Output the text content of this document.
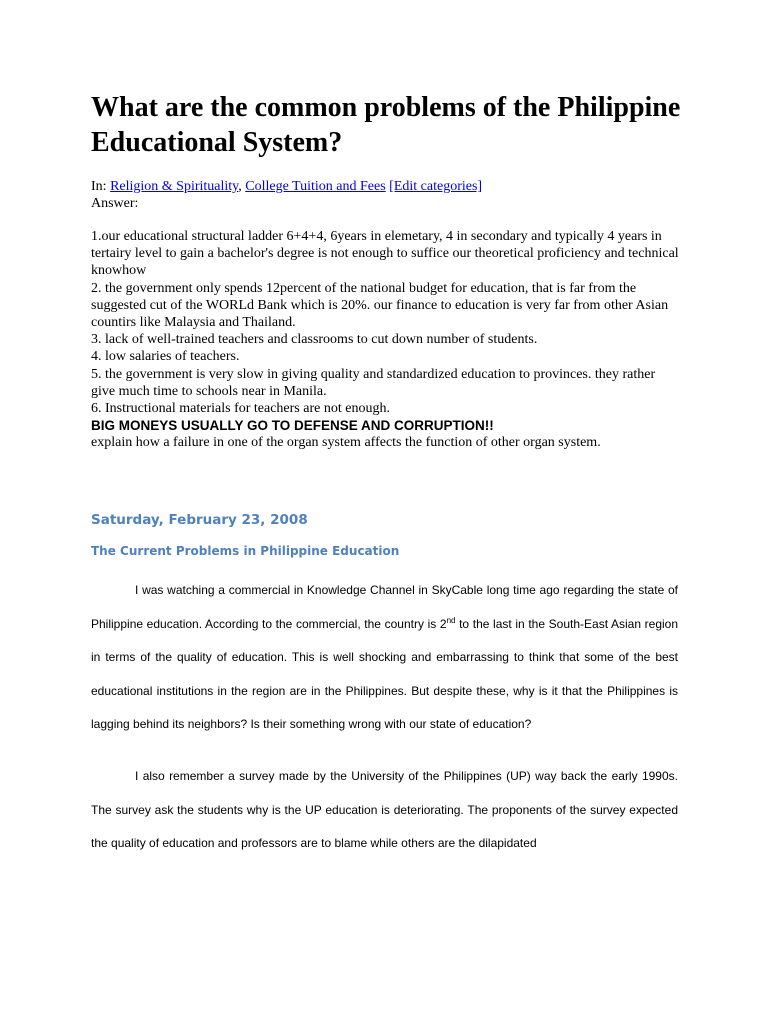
What are the common problems of the Philippine Educational System?
In: Religion & Spirituality, College Tuition and Fees [Edit categories]
Answer:

1.our educational structural ladder 6+4+4, 6years in elemetary, 4 in secondary and typically 4 years in tertairy level to gain a bachelor's degree is not enough to suffice our theoretical proficiency and technical knowhow

2. the government only spends 12percent of the national budget for education, that is far from the suggested cut of the WORLd Bank which is 20%. our finance to education is very far from other Asian countirs like Malaysia and Thailand.

3. lack of well-trained teachers and classrooms to cut down number of students.

4. low salaries of teachers.

5. the government is very slow in giving quality and standardized education to provinces. they rather give much time to schools near in Manila.

6. Instructional materials for teachers are not enough.

BIG MONEYS USUALLY GO TO DEFENSE AND CORRUPTION!!

explain how a failure in one of the organ system affects the function of other organ system.

Saturday, February 23, 2008
The Current Problems in Philippine Education

I was watching a commercial in Knowledge Channel in SkyCable long time ago regarding the state of Philippine education. According to the commercial, the country is 2nd to the last in the South-East Asian region in terms of the quality of education. This is well shocking and embarrassing to think that some of the best educational institutions in the region are in the Philippines. But despite these, why is it that the Philippines is lagging behind its neighbors? Is their something wrong with our state of education?

I also remember a survey made by the University of the Philippines (UP) way back the early 1990s. The survey ask the students why is the UP education is deteriorating. The proponents of the survey expected the quality of education and professors are to blame while others are the dilapidated
